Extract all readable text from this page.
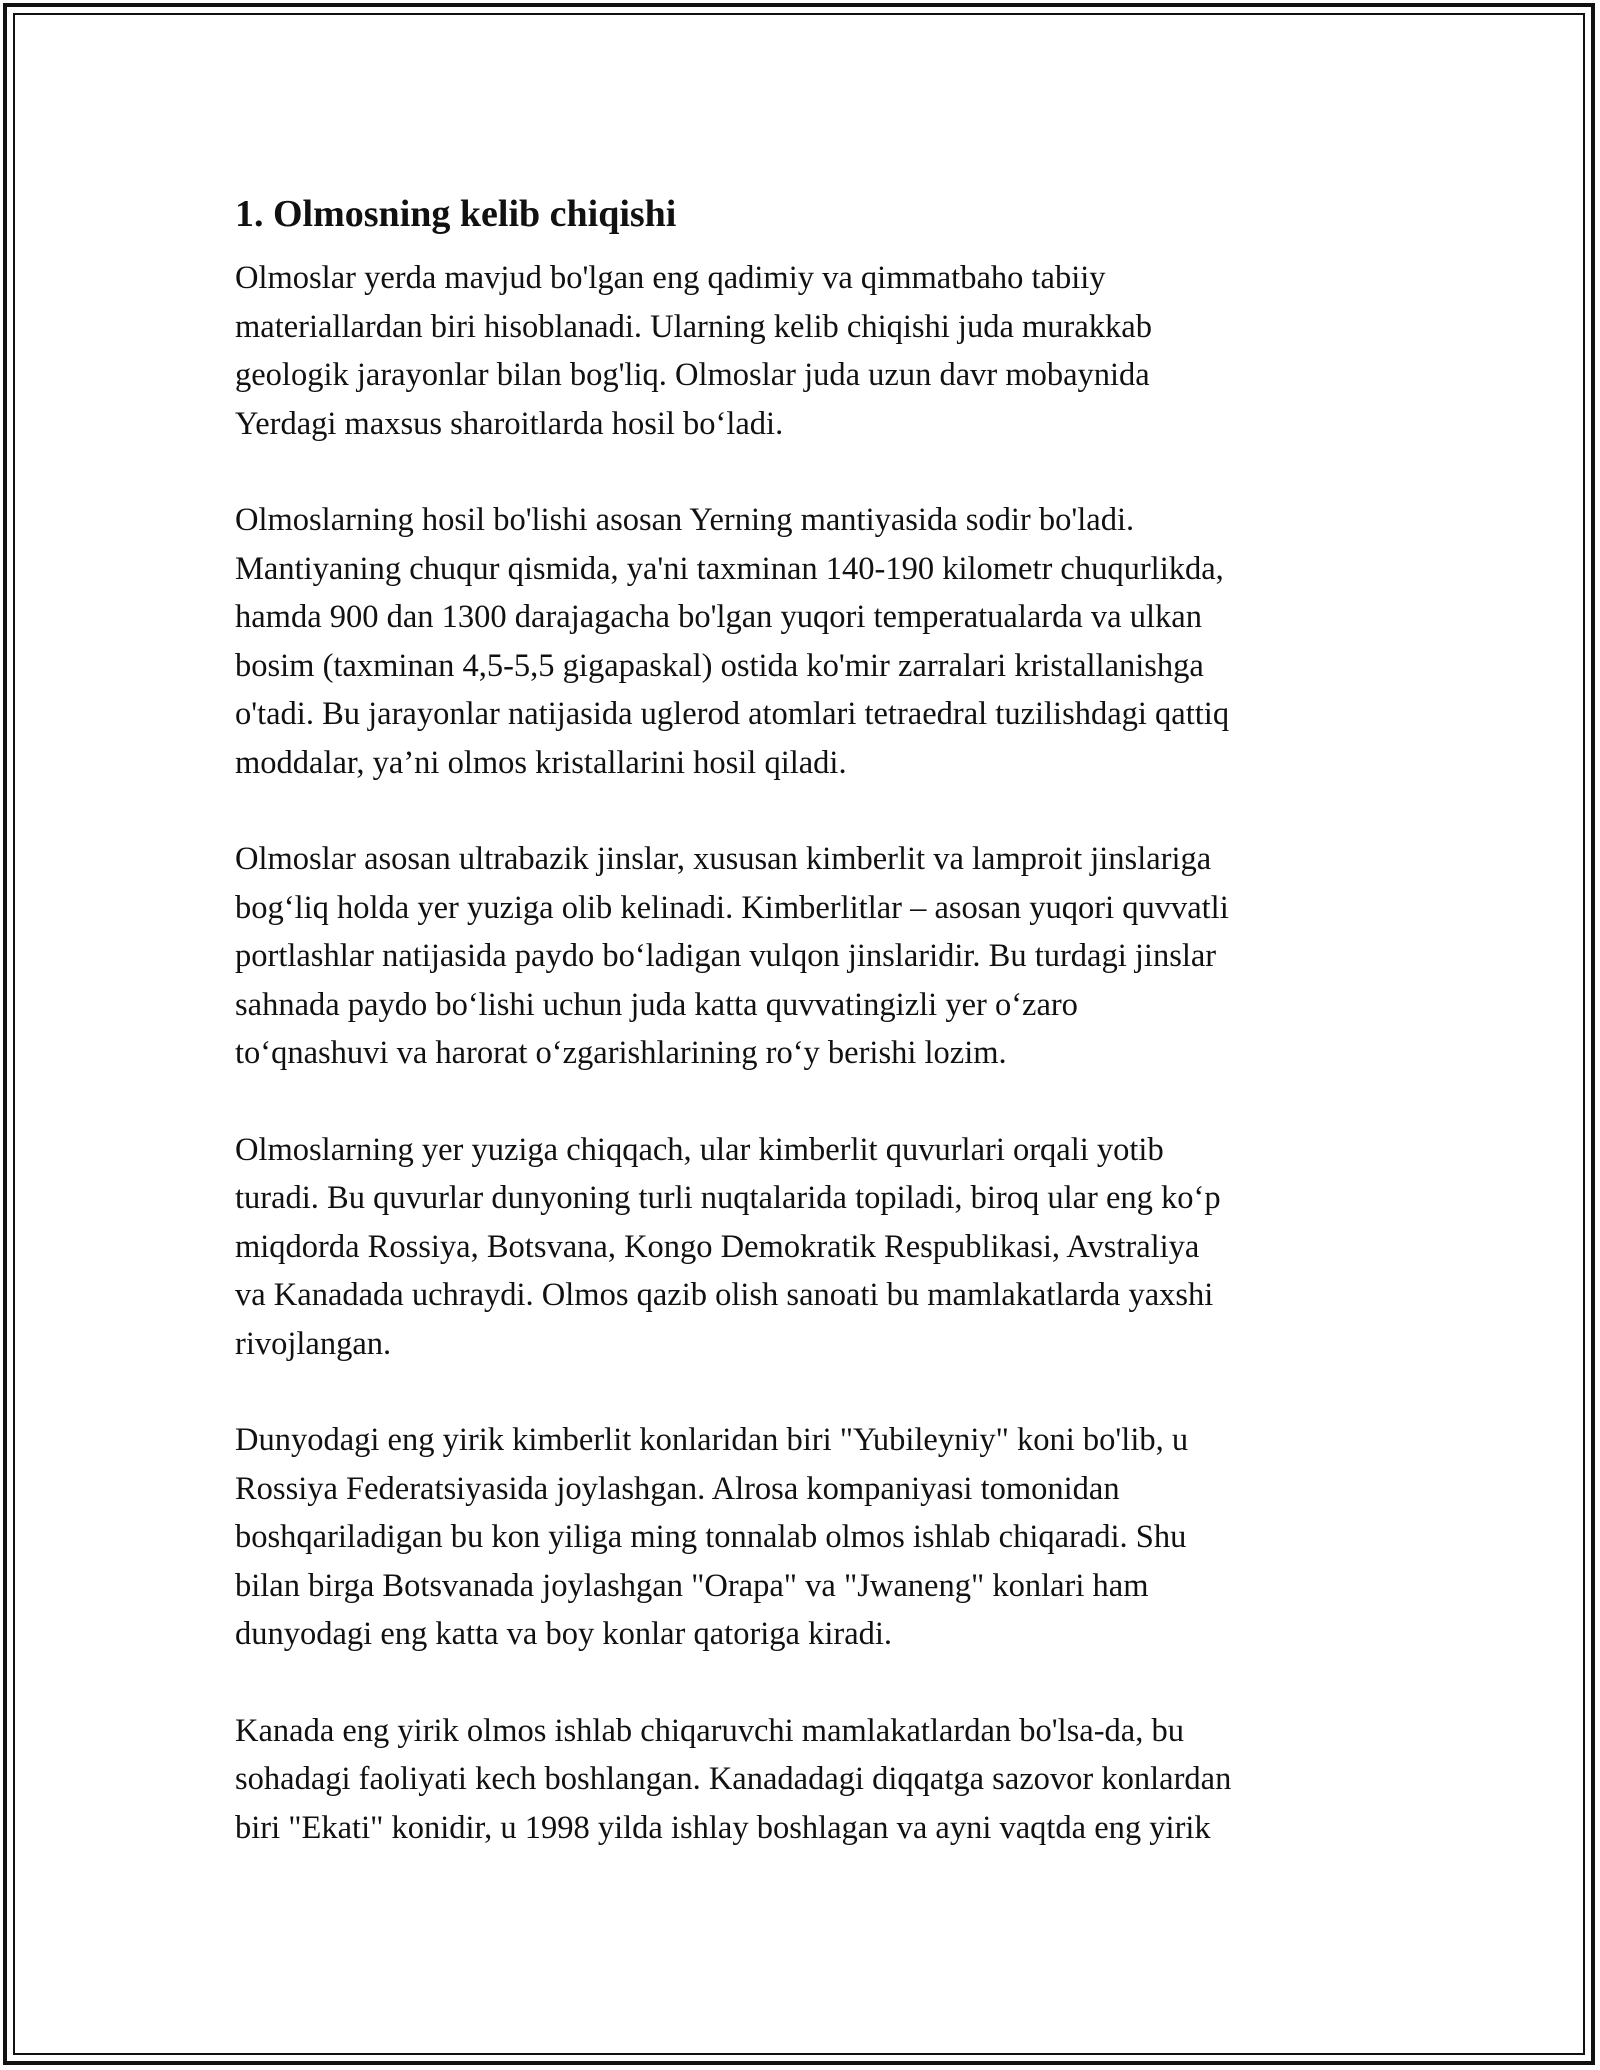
1. Olmosning kelib chiqishi

Olmoslar yerda mavjud bo'lgan eng qadimiy va qimmatbaho tabiiy
materiallardan biri hisoblanadi. Ularning kelib chiqishi juda murakkab
geologik jarayonlar bilan bog'liq. Olmoslar juda uzun davr mobaynida
Yerdagi maxsus sharoitlarda hosil bo‘ladi.

Olmoslarning hosil bo'lishi asosan Yerning mantiyasida sodir bo'ladi.
Mantiyaning chuqur qismida, ya'ni taxminan 140-190 kilometr chuqurlikda,
hamda 900 dan 1300 darajagacha bo'lgan yuqori temperatualarda va ulkan
bosim (taxminan 4,5-5,5 gigapaskal) ostida ko'mir zarralari kristallanishga
o'tadi. Bu jarayonlar natijasida uglerod atomlari tetraedral tuzilishdagi qattiq
moddalar, ya’ni olmos kristallarini hosil qiladi.

Olmoslar asosan ultrabazik jinslar, xususan kimberlit va lamproit jinslariga
bog‘liq holda yer yuziga olib kelinadi. Kimberlitlar – asosan yuqori quvvatli
portlashlar natijasida paydo bo‘ladigan vulqon jinslaridir. Bu turdagi jinslar
sahnada paydo bo‘lishi uchun juda katta quvvatingizli yer o‘zaro
to‘qnashuvi va harorat o‘zgarishlarining ro‘y berishi lozim.

Olmoslarning yer yuziga chiqqach, ular kimberlit quvurlari orqali yotib
turadi. Bu quvurlar dunyoning turli nuqtalarida topiladi, biroq ular eng ko‘p
miqdorda Rossiya, Botsvana, Kongo Demokratik Respublikasi, Avstraliya
va Kanadada uchraydi. Olmos qazib olish sanoati bu mamlakatlarda yaxshi
rivojlangan.

Dunyodagi eng yirik kimberlit konlaridan biri "Yubileyniy" koni bo'lib, u
Rossiya Federatsiyasida joylashgan. Alrosa kompaniyasi tomonidan
boshqariladigan bu kon yiliga ming tonnalab olmos ishlab chiqaradi. Shu
bilan birga Botsvanada joylashgan "Orapa" va "Jwaneng" konlari ham
dunyodagi eng katta va boy konlar qatoriga kiradi.

Kanada eng yirik olmos ishlab chiqaruvchi mamlakatlardan bo'lsa-da, bu
sohadagi faoliyati kech boshlangan. Kanadadagi diqqatga sazovor konlardan
biri "Ekati" konidir, u 1998 yilda ishlay boshlagan va ayni vaqtda eng yirik
